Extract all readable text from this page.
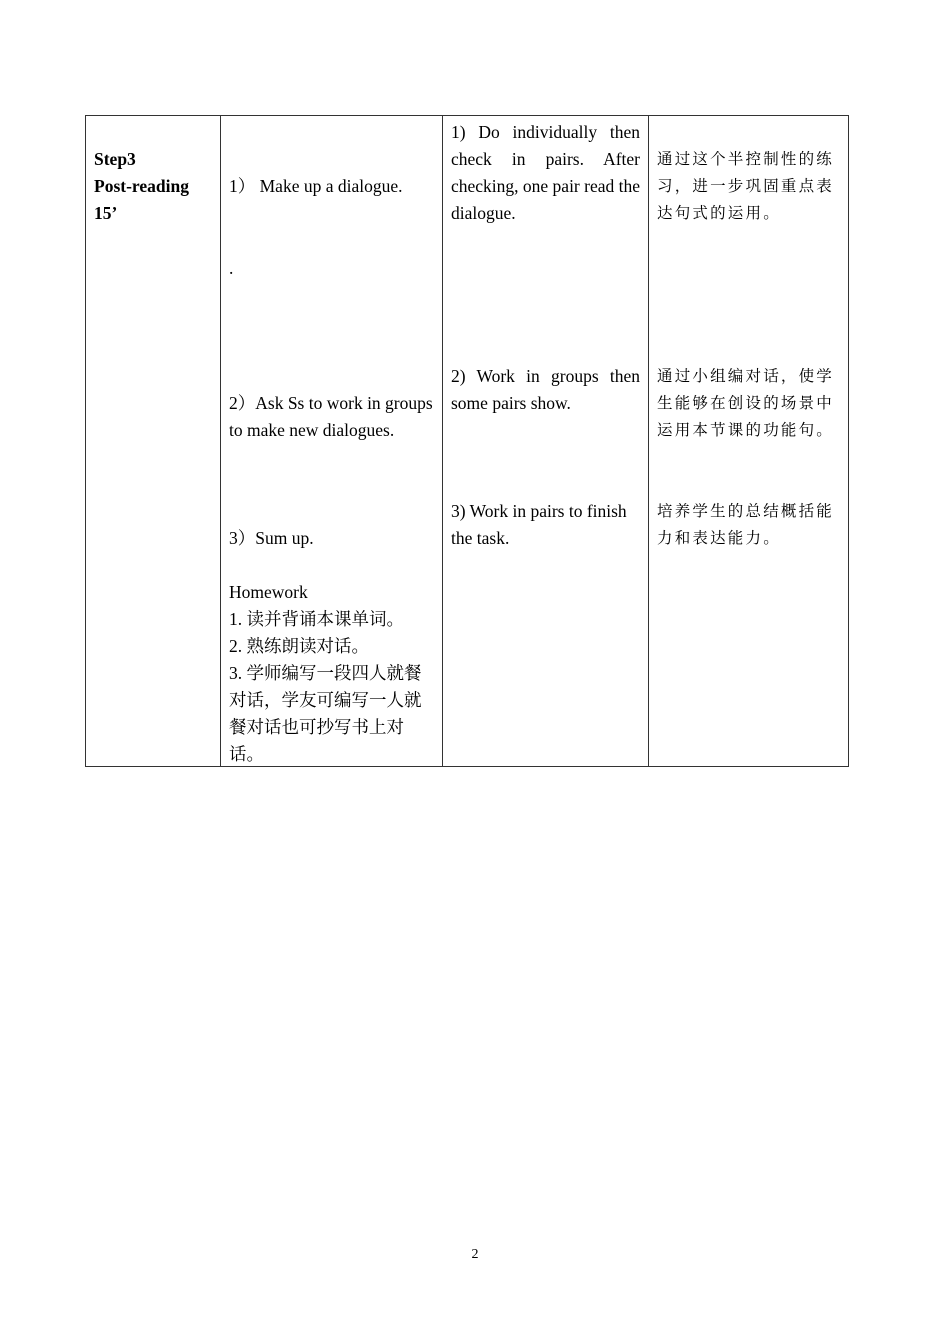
Step3
Post-reading
15’

1） Make up a dialogue.
.
2）Ask Ss to work in groups to make new dialogues.
3）Sum up.
Homework
1. 读并背诵本课单词。
2. 熟练朗读对话。
3. 学师编写一段四人就餐对话，学友可编写一人就餐对话也可抄写书上对话。

1) Do individually then check in pairs. After checking, one pair read the dialogue.
2) Work in groups then some pairs show.
3) Work in pairs to finish the task.

通过这个半控制性的练习，进一步巩固重点表达句式的运用。
通过小组编对话，使学生能够在创设的场景中运用本节课的功能句。
培养学生的总结概括能力和表达能力。
2
